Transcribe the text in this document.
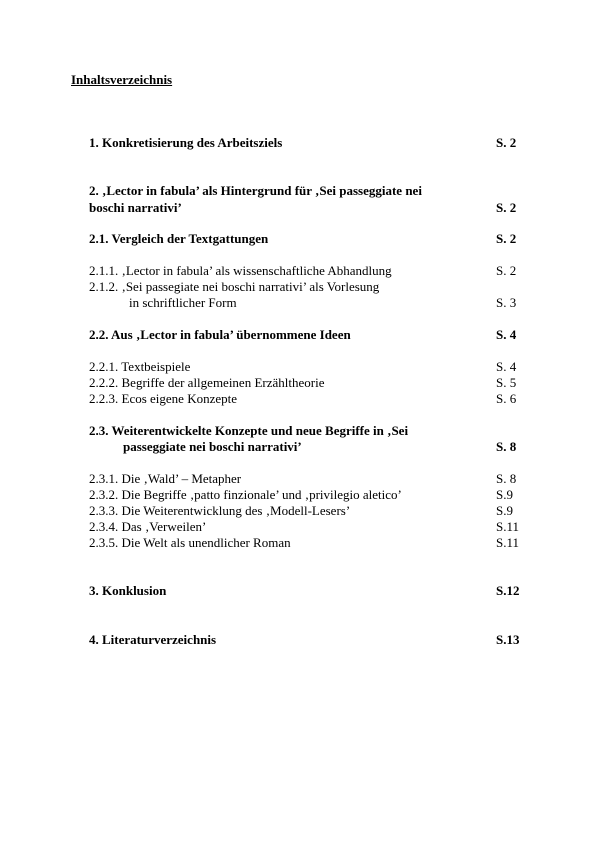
Inhaltsverzeichnis
1. Konkretisierung des Arbeitsziels	S. 2
2. ‚Lector in fabula’ als Hintergrund für ‚Sei passeggiate nei
boschi narrativi’	S. 2
2.1. Vergleich der Textgattungen	S. 2
2.1.1. ‚Lector in fabula’ als wissenschaftliche Abhandlung	S. 2
2.1.2. ‚Sei passegiate nei boschi narrativi’ als Vorlesung
in schriftlicher Form	S. 3
2.2. Aus ‚Lector in fabula’ übernommene Ideen	S. 4
2.2.1. Textbeispiele	S. 4
2.2.2. Begriffe der allgemeinen Erzähltheorie	S. 5
2.2.3. Ecos eigene Konzepte	S. 6
2.3. Weiterentwickelte Konzepte und neue Begriffe in ‚Sei
passeggiate nei boschi narrativi’	S. 8
2.3.1. Die ‚Wald’ – Metapher	S. 8
2.3.2. Die Begriffe ‚patto finzionale’ und ‚privilegio aletico’	S.9
2.3.3. Die Weiterentwicklung des ‚Modell-Lesers’	S.9
2.3.4. Das ‚Verweilen’	S.11
2.3.5. Die Welt als unendlicher Roman	S.11
3. Konklusion	S.12
4. Literaturverzeichnis	S.13
